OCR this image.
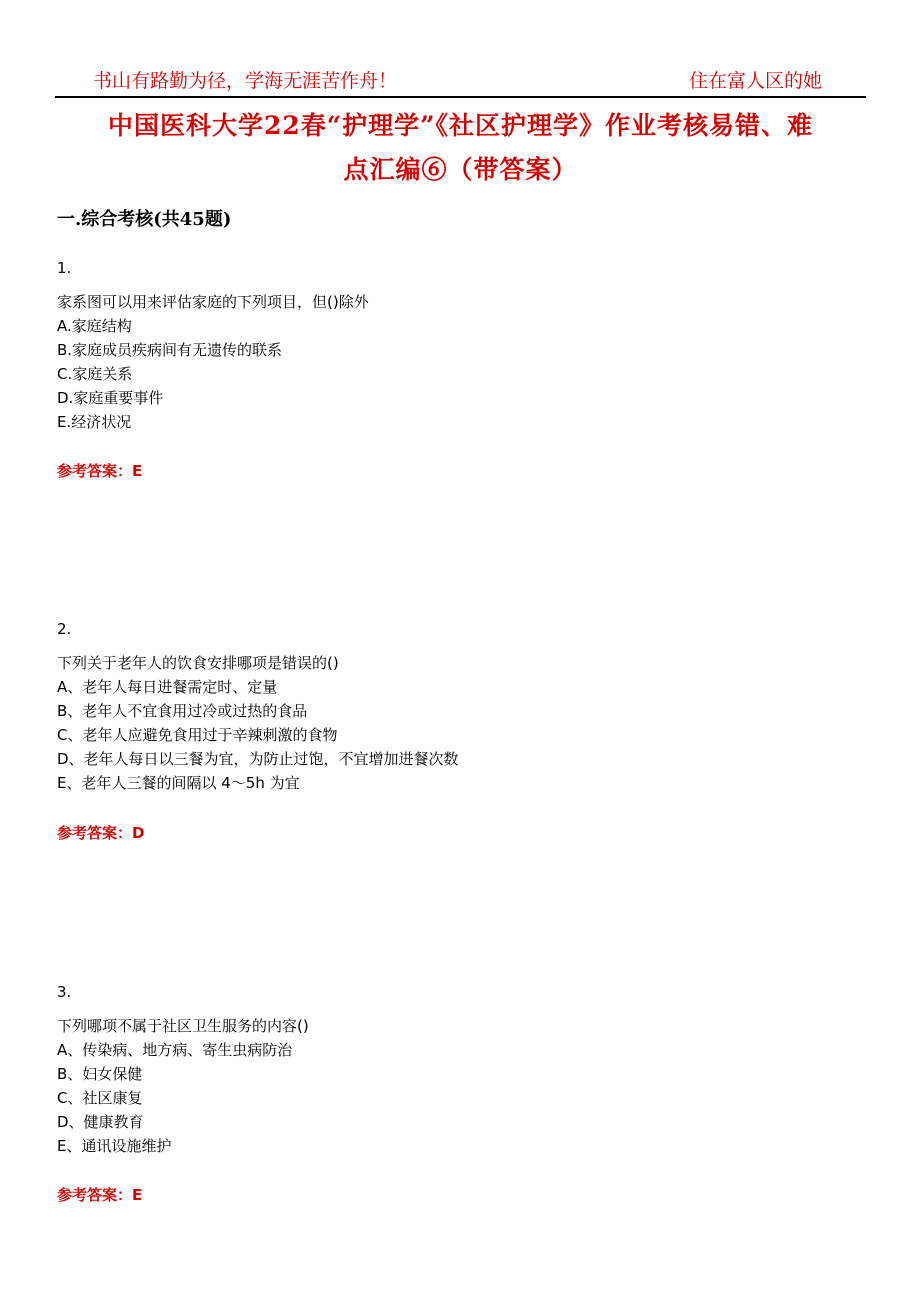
书山有路勤为径，学海无涯苦作舟！	住在富人区的她
中国医科大学22春“护理学”《社区护理学》作业考核易错、难
点汇编⑥（带答案）
一.综合考核(共45题)
1.
家系图可以用来评估家庭的下列项目，但()除外
A.家庭结构
B.家庭成员疾病间有无遗传的联系
C.家庭关系
D.家庭重要事件
E.经济状况
参考答案：E
2.
下列关于老年人的饮食安排哪项是错误的()
A、老年人每日进餐需定时、定量
B、老年人不宜食用过冷或过热的食品
C、老年人应避免食用过于辛辣刺激的食物
D、老年人每日以三餐为宜，为防止过饱，不宜增加进餐次数
E、老年人三餐的间隔以 4～5h 为宜
参考答案：D
3.
下列哪项不属于社区卫生服务的内容()
A、传染病、地方病、寄生虫病防治
B、妇女保健
C、社区康复
D、健康教育
E、通讯设施维护
参考答案：E
